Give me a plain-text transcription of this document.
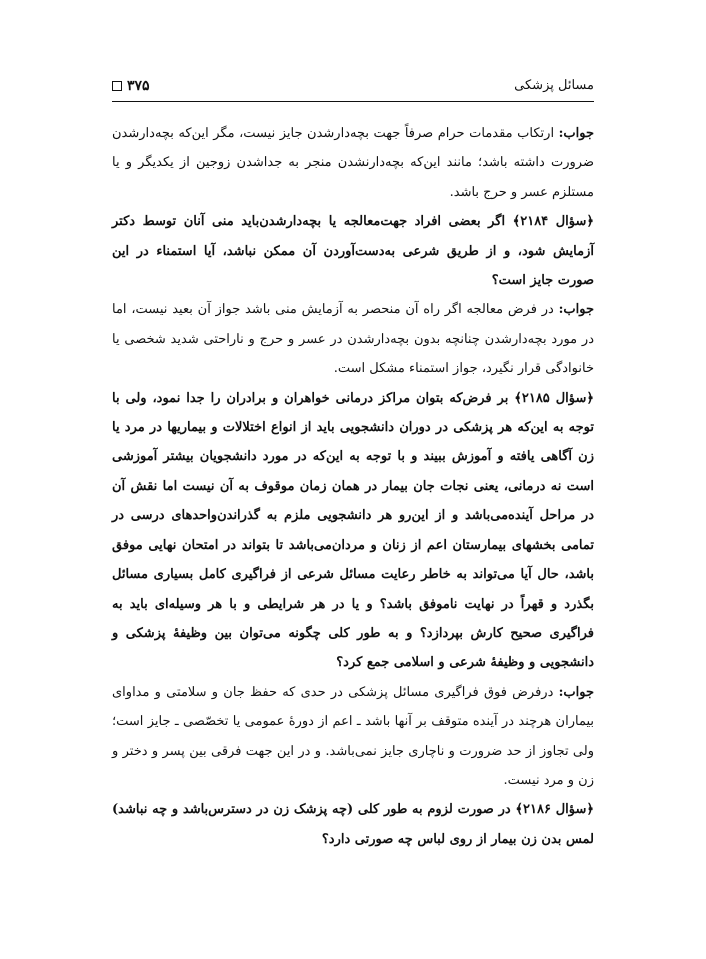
مسائل پزشکی
۳۷۵

جواب: ارتکاب مقدمات حرام صرفاً جهت بچه‌دارشدن جایز نیست، مگر این‌که بچه‌دارشدن ضرورت داشته باشد؛ مانند این‌که بچه‌دارنشدن منجر به جداشدن زوجین از یکدیگر و یا مستلزم عسر و حرج باشد.

﴿سؤال ۲۱۸۴﴾ اگر بعضی افراد جهت‌معالجه یا بچه‌دارشدن‌باید منی آنان توسط دکتر آزمایش شود، و از طریق شرعی به‌دست‌آوردن آن ممکن نباشد، آیا استمناء در این صورت جایز است؟

جواب: در فرض معالجه اگر راه آن منحصر به آزمایش منی باشد جواز آن بعید نیست، اما در مورد بچه‌دارشدن چنانچه بدون بچه‌دارشدن در عسر و حرج و ناراحتی شدید شخصی یا خانوادگی قرار نگیرد، جواز استمناء مشکل است.

﴿سؤال ۲۱۸۵﴾ بر فرض‌که بتوان مراکز درمانی خواهران و برادران را جدا نمود، ولی با توجه به این‌که هر پزشکی در دوران دانشجویی باید از انواع اختلالات و بیماریها در مرد یا زن آگاهی یافته و آموزش ببیند و با توجه به این‌که در مورد دانشجویان بیشتر آموزشی است نه درمانی، یعنی نجات جان بیمار در همان زمان موقوف به آن نیست اما نقش آن در مراحل آینده‌می‌باشد و از این‌رو هر دانشجویی ملزم به گذراندن‌واحدهای درسی در تمامی بخشهای بیمارستان اعم از زنان و مردان‌می‌باشد تا بتواند در امتحان نهایی موفق باشد، حال آیا می‌تواند به خاطر رعایت مسائل شرعی از فراگیری کامل بسیاری مسائل بگذرد و قهراً در نهایت ناموفق باشد؟ و یا در هر شرایطی و با هر وسیله‌ای باید به فراگیری صحیح کارش بپردازد؟ و به طور کلی چگونه می‌توان بین وظیفهٔ پزشکی و دانشجویی و وظیفهٔ شرعی و اسلامی جمع کرد؟

جواب: درفرض فوق فراگیری مسائل پزشکی در حدی که حفظ جان و سلامتی و مداوای بیماران هرچند در آینده متوقف بر آنها باشد ـ اعم از دورهٔ عمومی یا تخصّصی ـ جایز است؛ ولی تجاوز از حد ضرورت و ناچاری جایز نمی‌باشد. و در این جهت فرقی بین پسر و دختر و زن و مرد نیست.

﴿سؤال ۲۱۸۶﴾ در صورت لزوم به طور کلی (چه پزشک زن در دسترس‌باشد و چه نباشد) لمس بدن زن بیمار از روی لباس چه صورتی دارد؟
